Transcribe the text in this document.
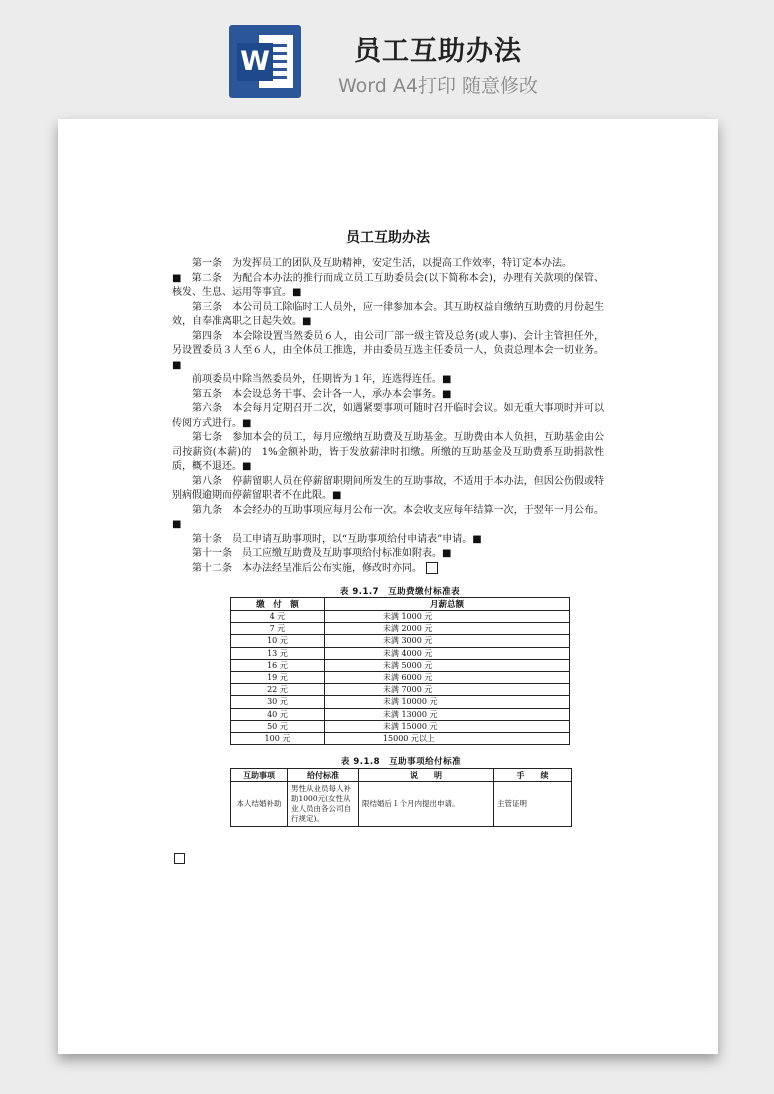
W	员工互助办法
Word A4打印 随意修改
员工互助办法

第一条　为发挥员工的团队及互助精神，安定生活，以提高工作效率，特订定本办法。

■　第二条　为配合本办法的推行而成立员工互助委员会(以下简称本会)，办理有关款项的保管、核发、生息、运用等事宜。■

第三条　本公司员工除临时工人员外，应一律参加本会。其互助权益自缴纳互助费的月份起生效，自奉准离职之日起失效。■

第四条　本会除设置当然委员６人，由公司厂部一级主管及总务(或人事)、会计主管担任外，另设置委员３人至６人，由全体员工推选，并由委员互选主任委员一人，负责总理本会一切业务。■

前项委员中除当然委员外，任期皆为１年，连选得连任。■

第五条　本会设总务干事、会计各一人，承办本会事务。■

第六条　本会每月定期召开二次，如遇紧要事项可随时召开临时会议。如无重大事项时并可以传阅方式进行。■

第七条　参加本会的员工，每月应缴纳互助费及互助基金。互助费由本人负担，互助基金由公司按薪资(本薪)的　1%金额补助，皆于发放薪津时扣缴。所缴的互助基金及互助费系互助捐款性质，概不退还。■

第八条　停薪留职人员在停薪留职期间所发生的互助事故，不适用于本办法，但因公伤假或特别病假逾期而停薪留职者不在此限。■

第九条　本会经办的互助事项应每月公布一次。本会收支应每年结算一次，于翌年一月公布。■

第十条　员工申请互助事项时，以“互助事项给付申请表”申请。■

第十一条　员工应缴互助费及互助事项给付标准如附表。■

第十二条　本办法经呈准后公布实施，修改时亦同。

表 9.1.7　互助费缴付标准表
缴　付　额	月薪总额
4 元	未满 1000 元
7 元	未满 2000 元
10 元	未满 3000 元
13 元	未满 4000 元
16 元	未满 5000 元
19 元	未满 6000 元
22 元	未满 7000 元
30 元	未满 10000 元
40 元	未满 13000 元
50 元	未满 15000 元
100 元	15000 元以上
表 9.1.8　互助事项给付标准
互助事项	给付标准	说　　明	手　　续
本人结婚补助	男性从业员每人补助1000元(女性从业人员由各公司自行规定)。	限结婚后１个月内提出申请。	主管证明
